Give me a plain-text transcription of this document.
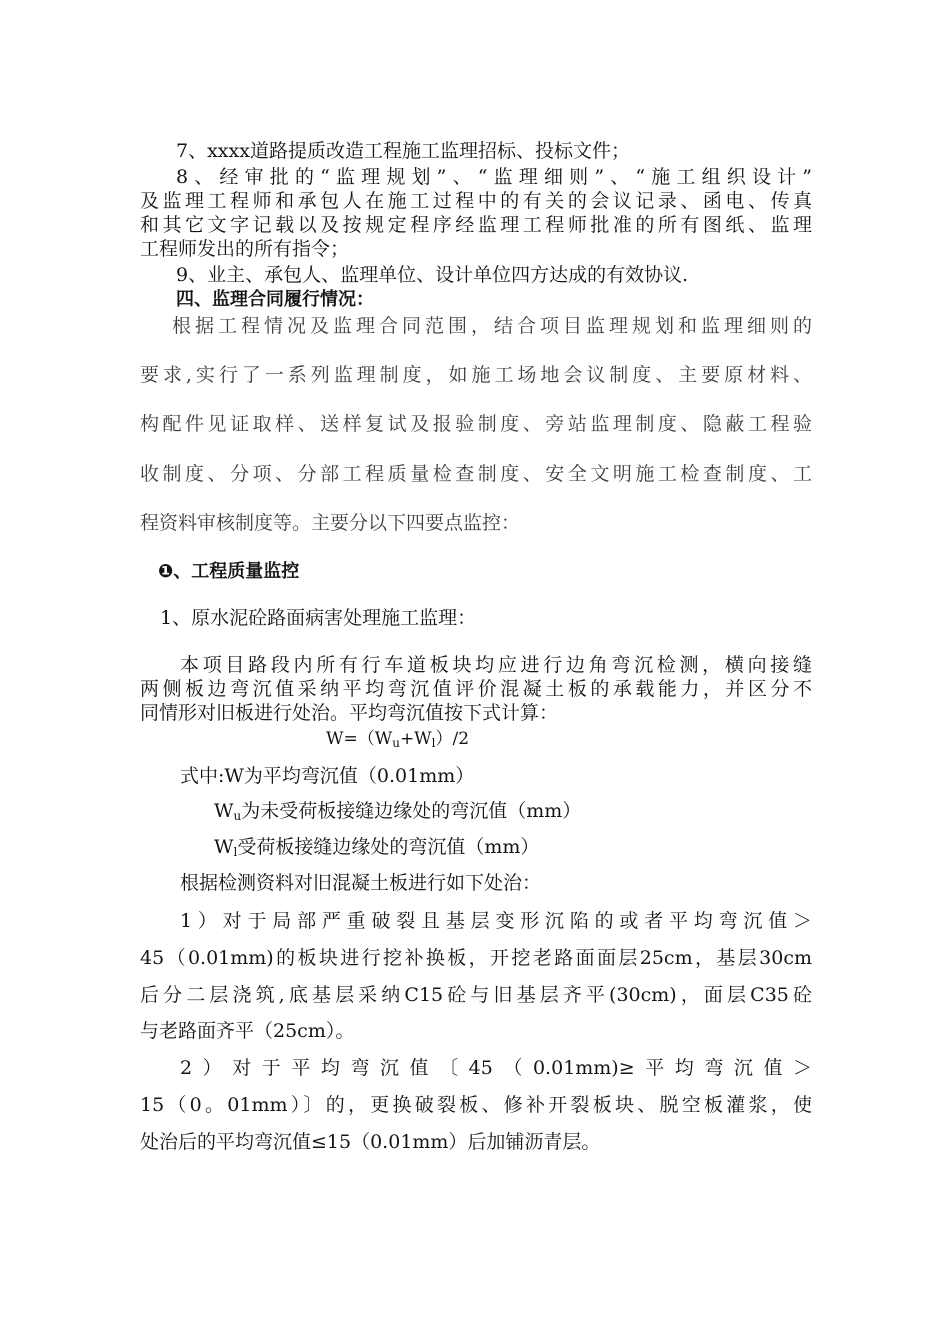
7、xxxx道路提质改造工程施工监理招标、投标文件；
8、经审批的“监理规划”、“监理细则”、“施工组织设计”
及监理工程师和承包人在施工过程中的有关的会议记录、函电、传真
和其它文字记载以及按规定程序经监理工程师批准的所有图纸、监理
工程师发出的所有指令；
9、业主、承包人、监理单位、设计单位四方达成的有效协议.
四、监理合同履行情况：
根据工程情况及监理合同范围，结合项目监理规划和监理细则的
要求,实行了一系列监理制度，如施工场地会议制度、主要原材料、
构配件见证取样、送样复试及报验制度、旁站监理制度、隐蔽工程验
收制度、分项、分部工程质量检查制度、安全文明施工检查制度、工
程资料审核制度等。主要分以下四要点监控：
❶、工程质量监控
1、原水泥砼路面病害处理施工监理：
本项目路段内所有行车道板块均应进行边角弯沉检测，横向接缝
两侧板边弯沉值采纳平均弯沉值评价混凝土板的承载能力，并区分不
同情形对旧板进行处治。平均弯沉值按下式计算：
$W=(W_u+W_l)/2$
式中:W为平均弯沉值（0.01mm）
$W_u$为未受荷板接缝边缘处的弯沉值（mm）
$W_l$受荷板接缝边缘处的弯沉值（mm）
根据检测资料对旧混凝土板进行如下处治：
1）对于局部严重破裂且基层变形沉陷的或者平均弯沉值＞
45（0.01mm)的板块进行挖补换板，开挖老路面面层25cm，基层30cm
后分二层浇筑,底基层采纳C15砼与旧基层齐平(30cm)，面层C35砼
与老路面齐平（25cm）。
2）对于平均弯沉值〔45（0.01mm)≥平均弯沉值＞
15（0。01mm）〕的，更换破裂板、修补开裂板块、脱空板灌浆，使
处治后的平均弯沉值≤15（0.01mm）后加铺沥青层。
